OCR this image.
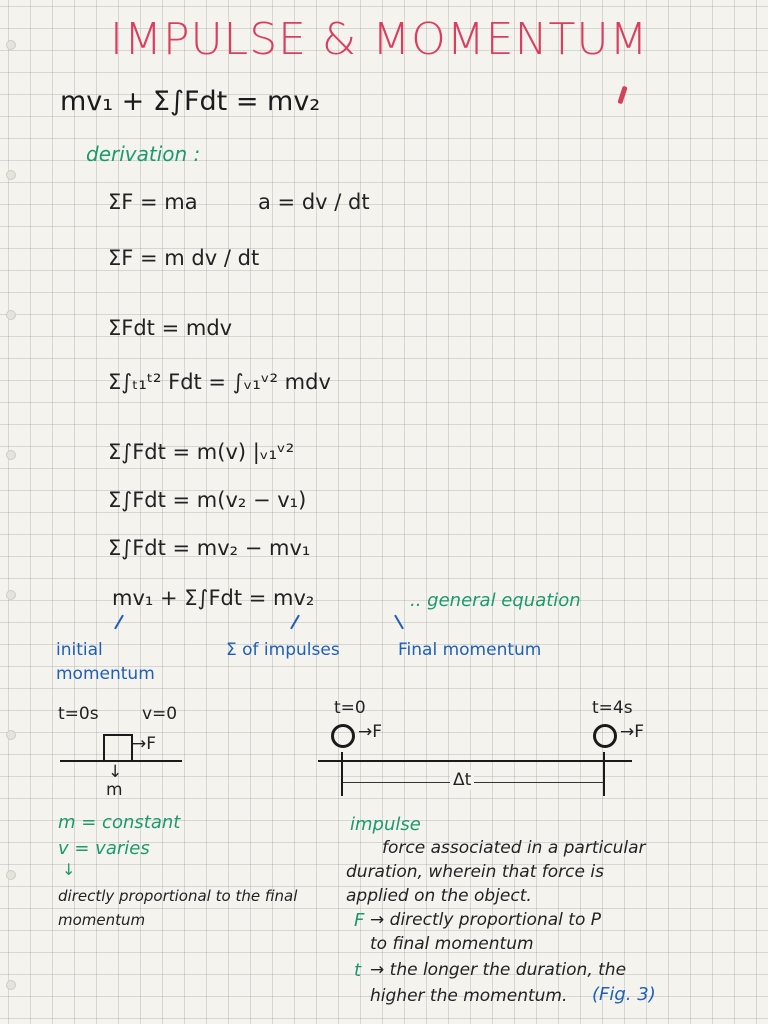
IMPULSE & MOMENTUM
mv₁ + Σ∫Fdt = mv₂
derivation :
ΣF = ma	a = dv / dt
ΣF = m dv / dt
ΣFdt = mdv
Σ∫ₜ₁ᵗ² Fdt = ∫ᵥ₁ᵛ² mdv
Σ∫Fdt = m(v) |ᵥ₁ᵛ²
Σ∫Fdt = m(v₂ − v₁)
Σ∫Fdt = mv₂ − mv₁
mv₁ + Σ∫Fdt = mv₂	.. general equation
initial momentum
Σ of impulses	Final momentum
t=0s	v=0
→F
↓
m
t=0	t=4s
→F	→F
Δt
m = constant
v = varies
↓
directly proportional to the final momentum
impulse
force associated in a particular
duration, wherein that force is
applied on the object.
F → directly proportional to P
to final momentum
t → the longer the duration, the
higher the momentum. (Fig. 3)
